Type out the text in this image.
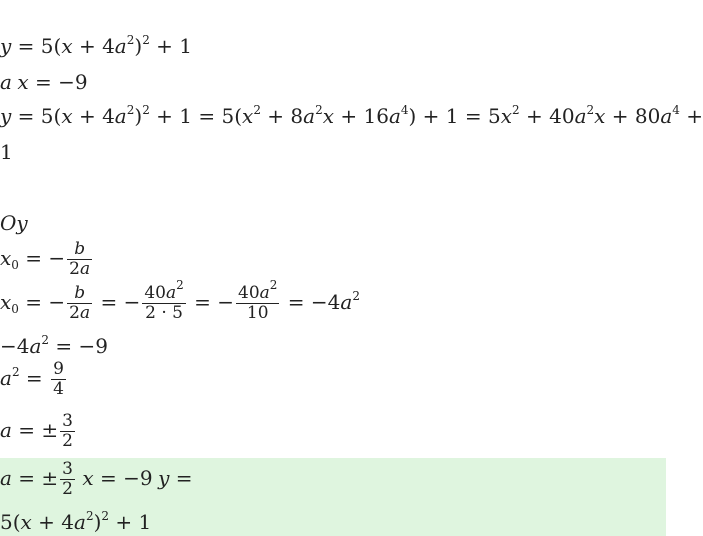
$y = 5(x + 4a^2)^2 + 1$
a x = −9
$y = 5(x + 4a^2)^2 + 1 = 5(x^2 + 8a^2x + 16a^4) + 1 = 5x^2 + 40a^2x + 80a^4$ +
1
Oy
$x_0$ = − $\frac{b}{2a}$
$x_0$ = − $\frac{b}{2a}$ = − $\frac{40a^2}{2 \cdot 5}$ = − $\frac{40a^2}{10} = -4a^2$
$-4a^2 = -9$
$a^2 = \frac{9}{4}$
a = ± $\frac{3}{2}$
a = ± $\frac{3}{2}$ x = −9 y =
$5(x + 4a^2)^2 + 1$
